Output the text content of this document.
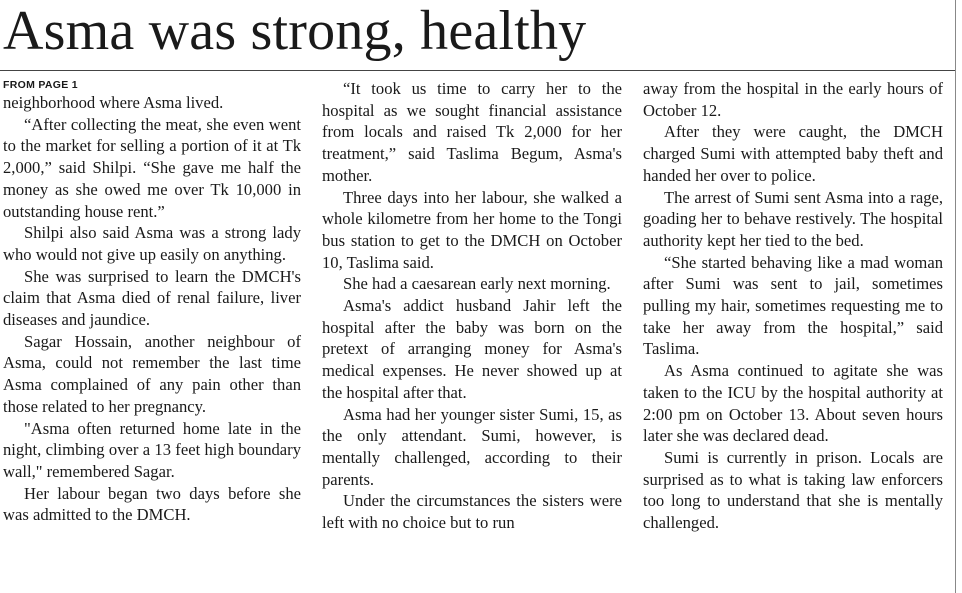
Asma was strong, healthy

FROM PAGE 1

neighborhood where Asma lived.

“After collecting the meat, she even went to the market for selling a portion of it at Tk 2,000,” said Shilpi. “She gave me half the money as she owed me over Tk 10,000 in outstanding house rent.”

Shilpi also said Asma was a strong lady who would not give up easily on anything.

She was surprised to learn the DMCH's claim that Asma died of renal failure, liver diseases and jaundice.

Sagar Hossain, another neighbour of Asma, could not remember the last time Asma complained of any pain other than those related to her pregnancy.

"Asma often returned home late in the night, climbing over a 13 feet high boundary wall," remembered Sagar.

Her labour began two days before she was admitted to the DMCH.

“It took us time to carry her to the hospital as we sought financial assistance from locals and raised Tk 2,000 for her treatment,” said Taslima Begum, Asma's mother.

Three days into her labour, she walked a whole kilometre from her home to the Tongi bus station to get to the DMCH on October 10, Taslima said.

She had a caesarean early next morning.

Asma's addict husband Jahir left the hospital after the baby was born on the pretext of arranging money for Asma's medical expenses. He never showed up at the hospital after that.

Asma had her younger sister Sumi, 15, as the only attendant. Sumi, however, is mentally challenged, according to their parents.

Under the circumstances the sisters were left with no choice but to run

away from the hospital in the early hours of October 12.

After they were caught, the DMCH charged Sumi with attempted baby theft and handed her over to police.

The arrest of Sumi sent Asma into a rage, goading her to behave restively. The hospital authority kept her tied to the bed.

“She started behaving like a mad woman after Sumi was sent to jail, sometimes pulling my hair, sometimes requesting me to take her away from the hospital,” said Taslima.

As Asma continued to agitate she was taken to the ICU by the hospital authority at 2:00 pm on October 13. About seven hours later she was declared dead.

Sumi is currently in prison. Locals are surprised as to what is taking law enforcers too long to understand that she is mentally challenged.
